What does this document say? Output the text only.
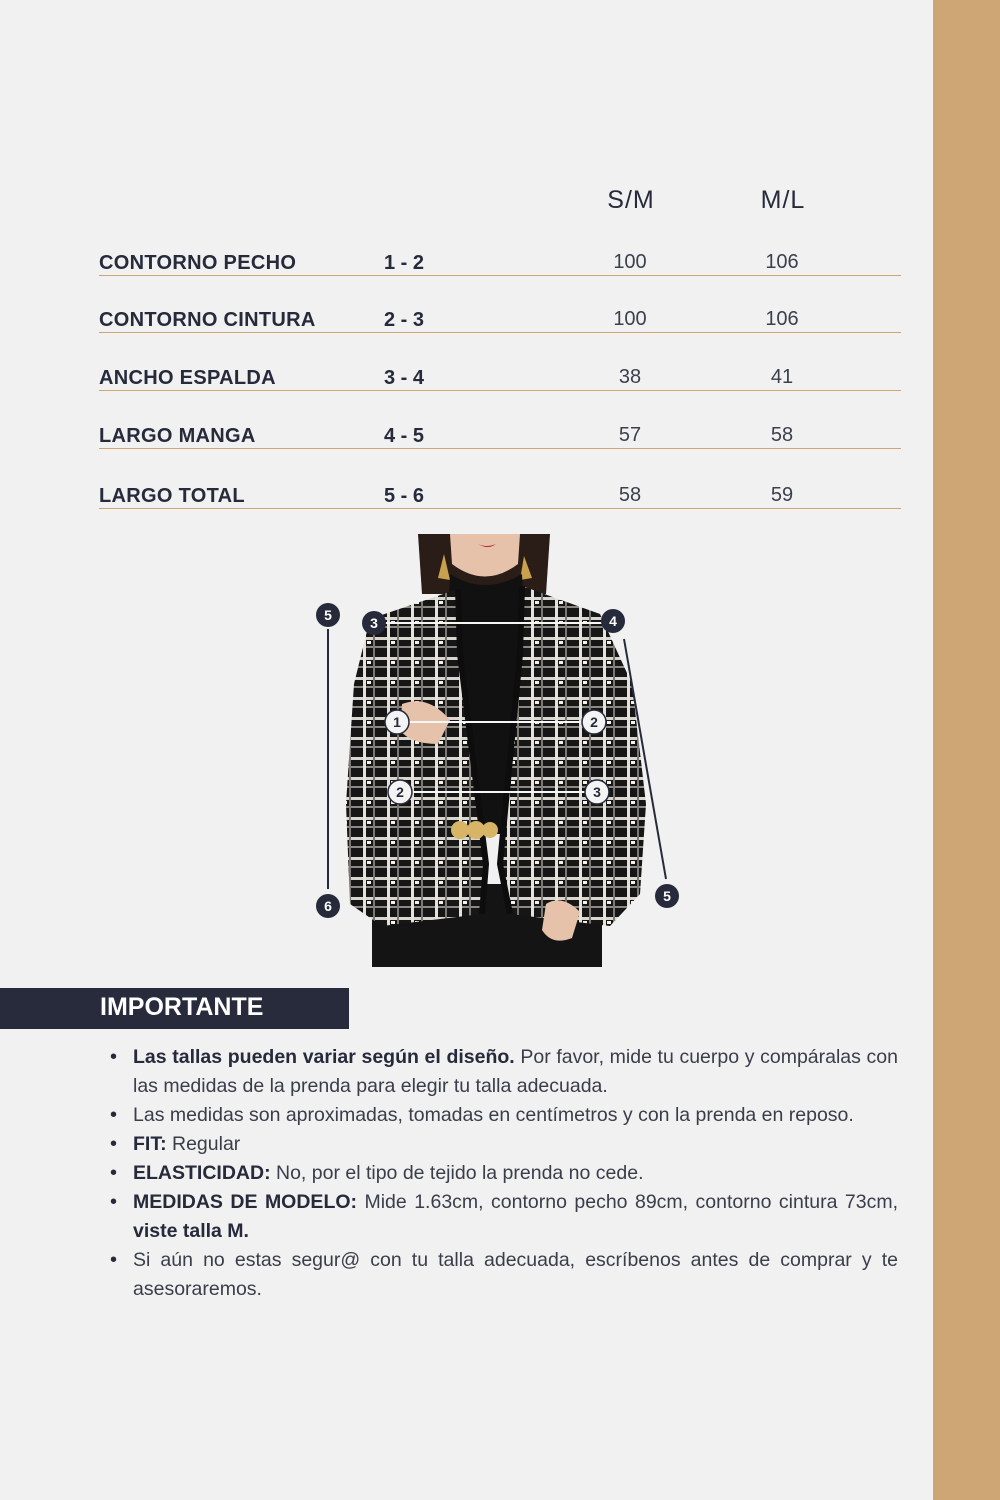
S/M	M/L
CONTORNO PECHO	1 - 2	100	106
CONTORNO CINTURA	2 - 3	100	106
ANCHO ESPALDA	3 - 4	38	41
LARGO MANGA	4 - 5	57	58
LARGO TOTAL	5 - 6	58	59
1	2
2	3
3	4
5
6
5
IMPORTANTE
• Las tallas pueden variar según el diseño. Por favor, mide tu cuerpo y compáralas con las medidas de la prenda para elegir tu talla adecuada.
• Las medidas son aproximadas, tomadas en centímetros y con la prenda en reposo.
• FIT: Regular
• ELASTICIDAD: No, por el tipo de tejido la prenda no cede.
• MEDIDAS DE MODELO: Mide 1.63cm, contorno pecho 89cm, contorno cintura 73cm, viste talla M.
• Si aún no estas segur@ con tu talla adecuada, escríbenos antes de comprar y te asesoraremos.
